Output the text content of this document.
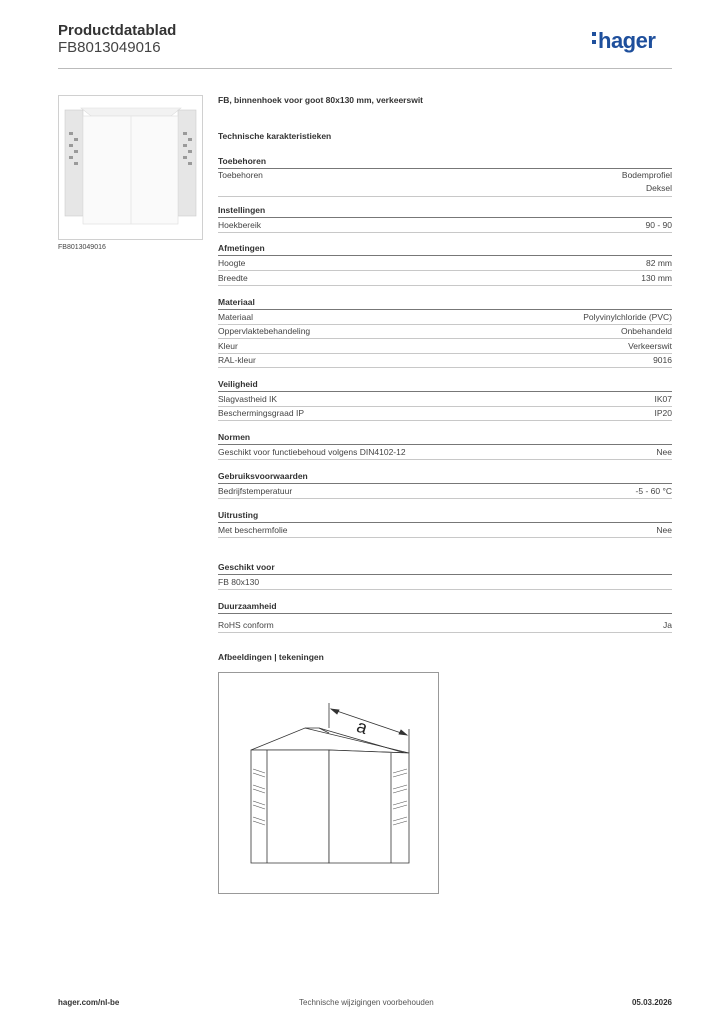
Productdatablad
FB8013049016	hager
FB8013049016
FB, binnenhoek voor goot 80x130 mm, verkeerswit
Technische karakteristieken
Toebehoren
Toebehoren	Bodemprofiel
Deksel
Instellingen
Hoekbereik	90 - 90
Afmetingen
Hoogte	82 mm
Breedte	130 mm
Materiaal
Materiaal	Polyvinylchloride (PVC)
Oppervlaktebehandeling	Onbehandeld
Kleur	Verkeerswit
RAL-kleur	9016
Veiligheid
Slagvastheid IK	IK07
Beschermingsgraad IP	IP20
Normen
Geschikt voor functiebehoud volgens DIN4102-12	Nee
Gebruiksvoorwaarden
Bedrijfstemperatuur	-5 - 60 °C
Uitrusting
Met beschermfolie	Nee
Geschikt voor
FB 80x130
Duurzaamheid
RoHS conform	Ja
Afbeeldingen | tekeningen
a
hager.com/nl-be	Technische wijzigingen voorbehouden	05.03.2026
